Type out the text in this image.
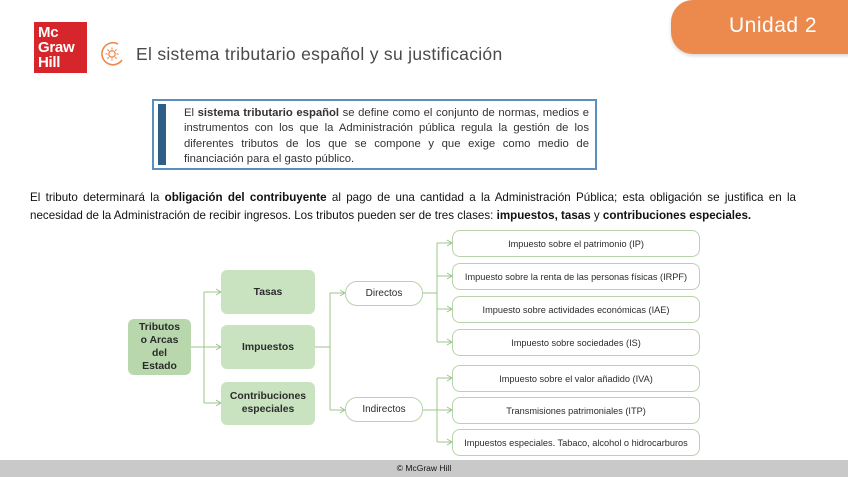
Mc
Graw
Hill	El sistema tributario español y su justificación
Unidad 2

El sistema tributario español se define como el conjunto de normas, medios e instrumentos con los que la Administración pública regula la gestión de los diferentes tributos de los que se compone y que exige como medio de financiación para el gasto público.

El tributo determinará la obligación del contribuyente al pago de una cantidad a la Administración Pública; esta obligación se justifica en la necesidad de la Administración de recibir ingresos. Los tributos pueden ser de tres clases: impuestos, tasas y contribuciones especiales.

Tributos o Arcas del Estado
Tasas
Impuestos
Contribuciones especiales
Directos
Indirectos
Impuesto sobre el patrimonio (IP)
Impuesto sobre la renta de las personas físicas (IRPF)
Impuesto sobre actividades económicas (IAE)
Impuesto sobre sociedades (IS)
Impuesto sobre el valor añadido (IVA)
Transmisiones patrimoniales (ITP)
Impuestos especiales. Tabaco, alcohol o hidrocarburos
© McGraw Hill
